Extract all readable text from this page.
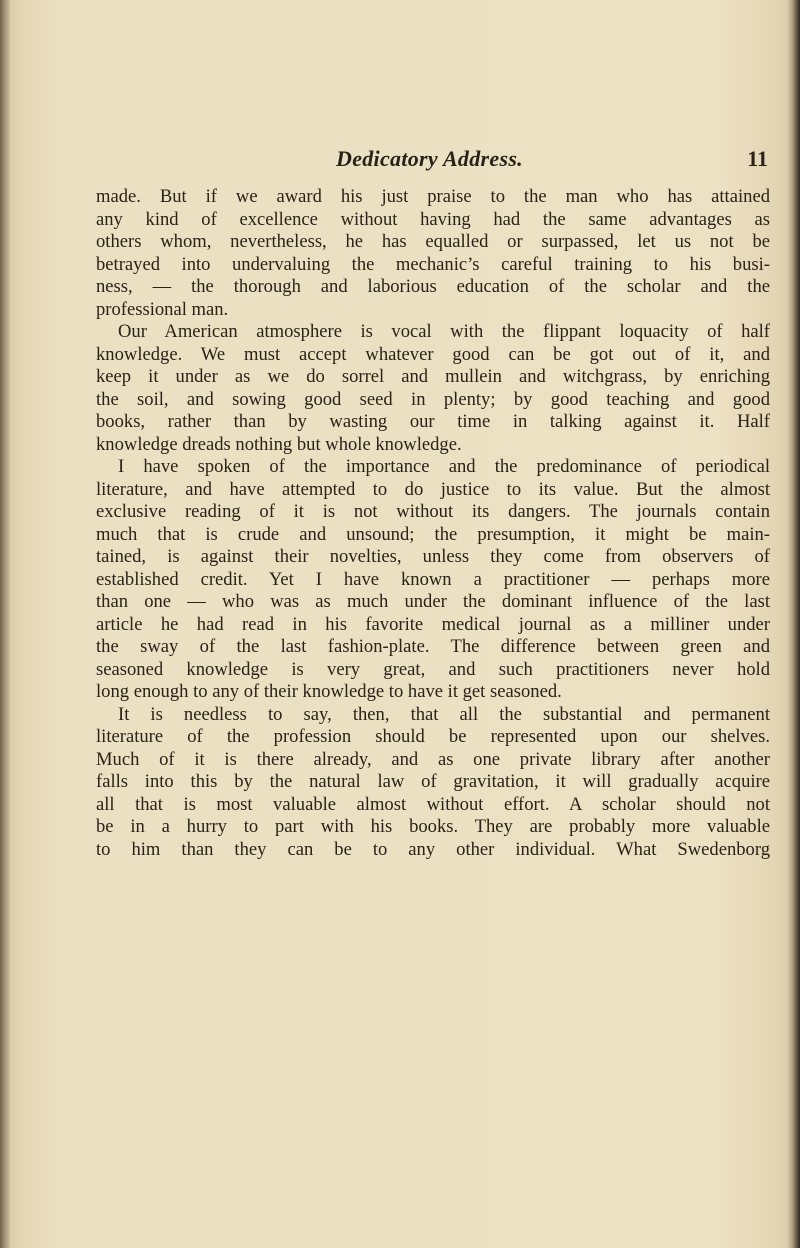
Dedicatory Address.	11
made. But if we award his just praise to the man who has attained
any kind of excellence without having had the same advantages as
others whom, nevertheless, he has equalled or surpassed, let us not be
betrayed into undervaluing the mechanic’s careful training to his busi-
ness, — the thorough and laborious education of the scholar and the
professional man.
Our American atmosphere is vocal with the flippant loquacity of half
knowledge. We must accept whatever good can be got out of it, and
keep it under as we do sorrel and mullein and witchgrass, by enriching
the soil, and sowing good seed in plenty; by good teaching and good
books, rather than by wasting our time in talking against it. Half
knowledge dreads nothing but whole knowledge.
I have spoken of the importance and the predominance of periodical
literature, and have attempted to do justice to its value. But the almost
exclusive reading of it is not without its dangers. The journals contain
much that is crude and unsound; the presumption, it might be main-
tained, is against their novelties, unless they come from observers of
established credit. Yet I have known a practitioner — perhaps more
than one — who was as much under the dominant influence of the last
article he had read in his favorite medical journal as a milliner under
the sway of the last fashion-plate. The difference between green and
seasoned knowledge is very great, and such practitioners never hold
long enough to any of their knowledge to have it get seasoned.
It is needless to say, then, that all the substantial and permanent
literature of the profession should be represented upon our shelves.
Much of it is there already, and as one private library after another
falls into this by the natural law of gravitation, it will gradually acquire
all that is most valuable almost without effort. A scholar should not
be in a hurry to part with his books. They are probably more valuable
to him than they can be to any other individual. What Swedenborg
